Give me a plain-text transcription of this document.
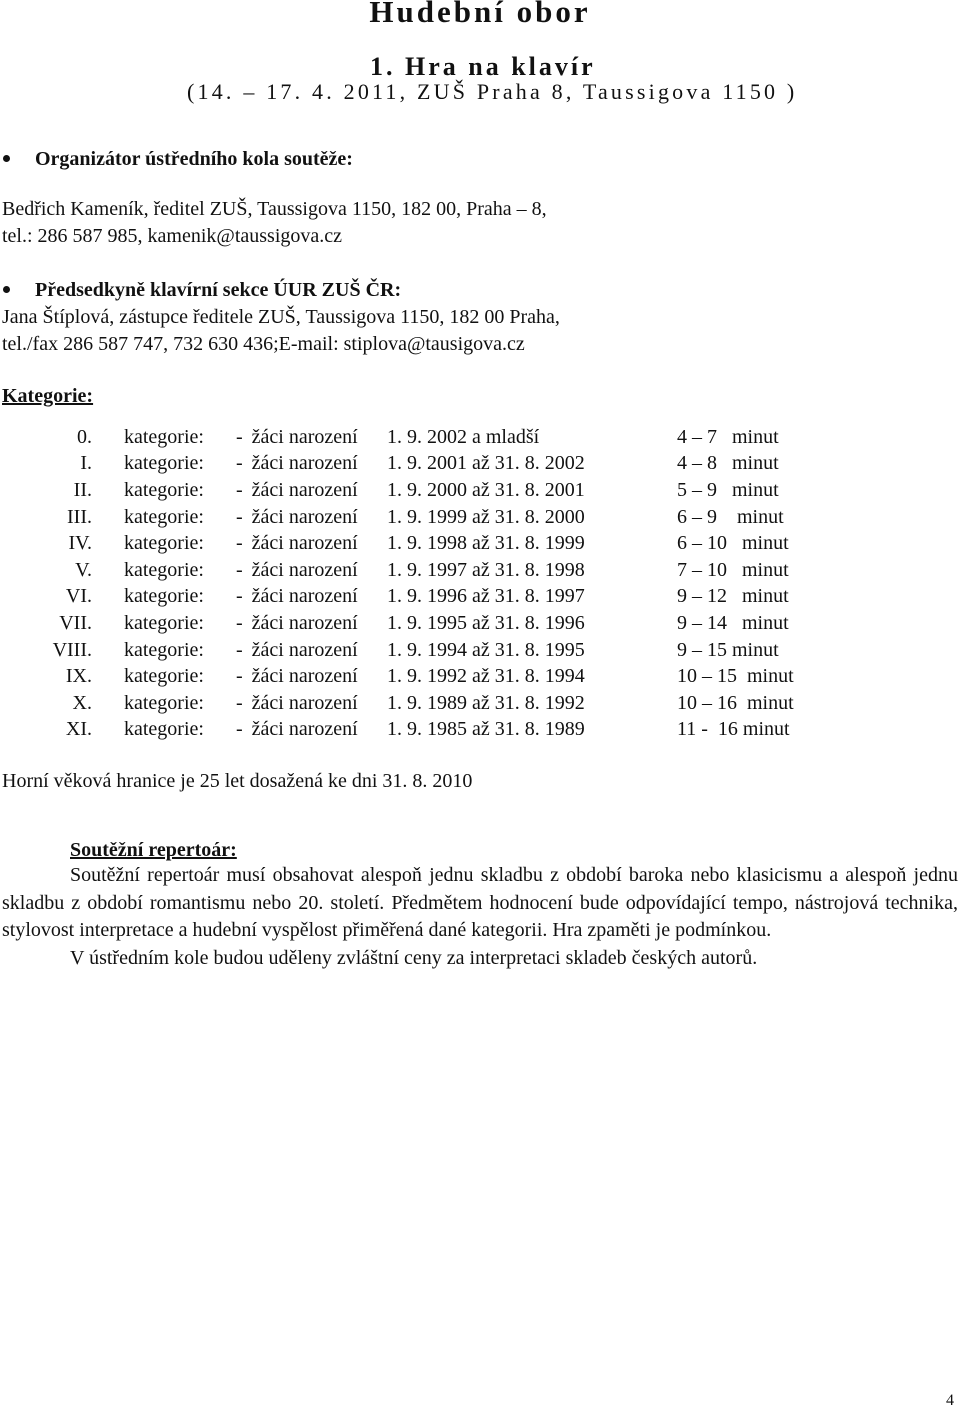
Hudební obor
1. Hra na klavír
(14. – 17. 4. 2011, ZUŠ Praha 8, Taussigova 1150 )
Organizátor ústředního kola soutěže:
Bedřich Kameník, ředitel ZUŠ, Taussigova 1150, 182 00, Praha – 8,
tel.: 286 587 985, kamenik@taussigova.cz
Předsedkyně klavírní sekce ÚUR ZUŠ ČR:
Jana Štíplová, zástupce ředitele ZUŠ, Taussigova 1150, 182 00 Praha,
tel./fax 286 587 747, 732 630 436;E-mail: stiplova@tausigova.cz
Kategorie:
0.	kategorie: - žáci narození	1. 9. 2002 a mladší	4 – 7   minut
I.	kategorie: - žáci narození	1. 9. 2001 až 31. 8. 2002	4 – 8   minut
II.	kategorie: - žáci narození	1. 9. 2000 až 31. 8. 2001	5 – 9   minut
III.	kategorie: - žáci narození	1. 9. 1999 až 31. 8. 2000	6 – 9    minut
IV.	kategorie: - žáci narození	1. 9. 1998 až 31. 8. 1999	6 – 10   minut
V.	kategorie: - žáci narození	1. 9. 1997 až 31. 8. 1998	7 – 10   minut
VI.	kategorie: - žáci narození	1. 9. 1996 až 31. 8. 1997	9 – 12   minut
VII.	kategorie: - žáci narození	1. 9. 1995 až 31. 8. 1996	9 – 14   minut
VIII.	kategorie: - žáci narození	1. 9. 1994 až 31. 8. 1995	9 – 15 minut
IX.	kategorie: - žáci narození	1. 9. 1992 až 31. 8. 1994	10 – 15  minut
X.	kategorie: - žáci narození	1. 9. 1989 až 31. 8. 1992	10 – 16  minut
XI.	kategorie: - žáci narození	1. 9. 1985 až 31. 8. 1989	11 -  16 minut
Horní věková hranice je 25 let dosažená ke dni 31. 8. 2010
Soutěžní repertoár:

Soutěžní repertoár musí obsahovat alespoň jednu skladbu z období baroka nebo klasicismu a alespoň jednu skladbu z období romantismu nebo 20. století. Předmětem hodnocení bude odpovídající tempo, nástrojová technika, stylovost interpretace a hudební vyspělost přiměřená dané kategorii. Hra zpaměti je podmínkou.

V ústředním kole budou uděleny zvláštní ceny za interpretaci skladeb českých autorů.

4
